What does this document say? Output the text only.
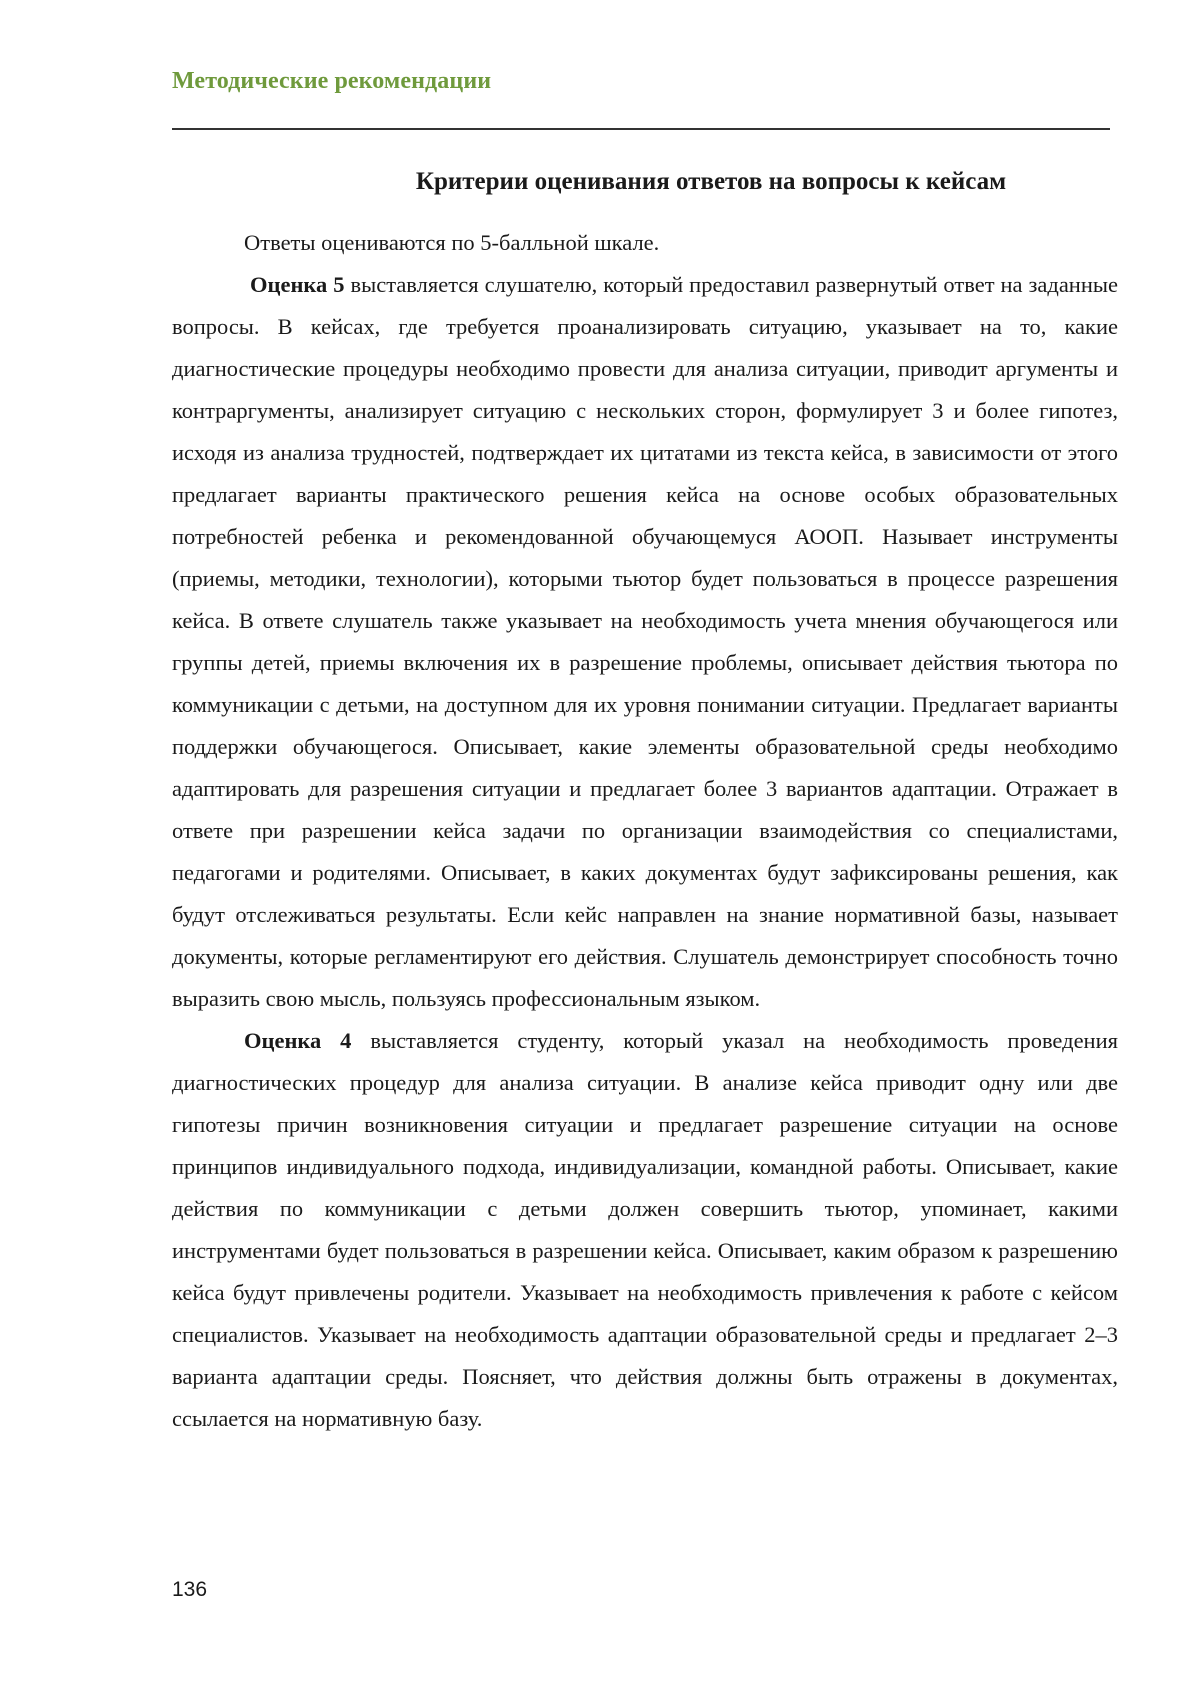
Методические рекомендации
Критерии оценивания ответов на вопросы к кейсам

Ответы оцениваются по 5-балльной шкале.

Оценка 5 выставляется слушателю, который предоставил развернутый ответ на заданные вопросы. В кейсах, где требуется проанализировать ситуацию, указывает на то, какие диагностические процедуры необходимо провести для анализа ситуации, приводит аргументы и контраргументы, анализирует ситуацию с нескольких сторон, формулирует 3 и более гипотез, исходя из анализа трудностей, подтверждает их цитатами из текста кейса, в зависимости от этого предлагает варианты практического решения кейса на основе особых образовательных потребностей ребенка и рекомендованной обучающемуся АООП. Называет инструменты (приемы, методики, технологии), которыми тьютор будет пользоваться в процессе разрешения кейса. В ответе слушатель также указывает на необходимость учета мнения обучающегося или группы детей, приемы включения их в разрешение проблемы, описывает действия тьютора по коммуникации с детьми, на доступном для их уровня понимании ситуации. Предлагает варианты поддержки обучающегося. Описывает, какие элементы образовательной среды необходимо адаптировать для разрешения ситуации и предлагает более 3 вариантов адаптации. Отражает в ответе при разрешении кейса задачи по организации взаимодействия со специалистами, педагогами и родителями. Описывает, в каких документах будут зафиксированы решения, как будут отслеживаться результаты. Если кейс направлен на знание нормативной базы, называет документы, которые регламентируют его действия. Слушатель демонстрирует способность точно выразить свою мысль, пользуясь профессиональным языком.

Оценка 4 выставляется студенту, который указал на необходимость проведения диагностических процедур для анализа ситуации. В анализе кейса приводит одну или две гипотезы причин возникновения ситуации и предлагает разрешение ситуации на основе принципов индивидуального подхода, индивидуализации, командной работы. Описывает, какие действия по коммуникации с детьми должен совершить тьютор, упоминает, какими инструментами будет пользоваться в разрешении кейса. Описывает, каким образом к разрешению кейса будут привлечены родители. Указывает на необходимость привлечения к работе с кейсом специалистов. Указывает на необходимость адаптации образовательной среды и предлагает 2–3 варианта адаптации среды. Поясняет, что действия должны быть отражены в документах, ссылается на нормативную базу.

136
